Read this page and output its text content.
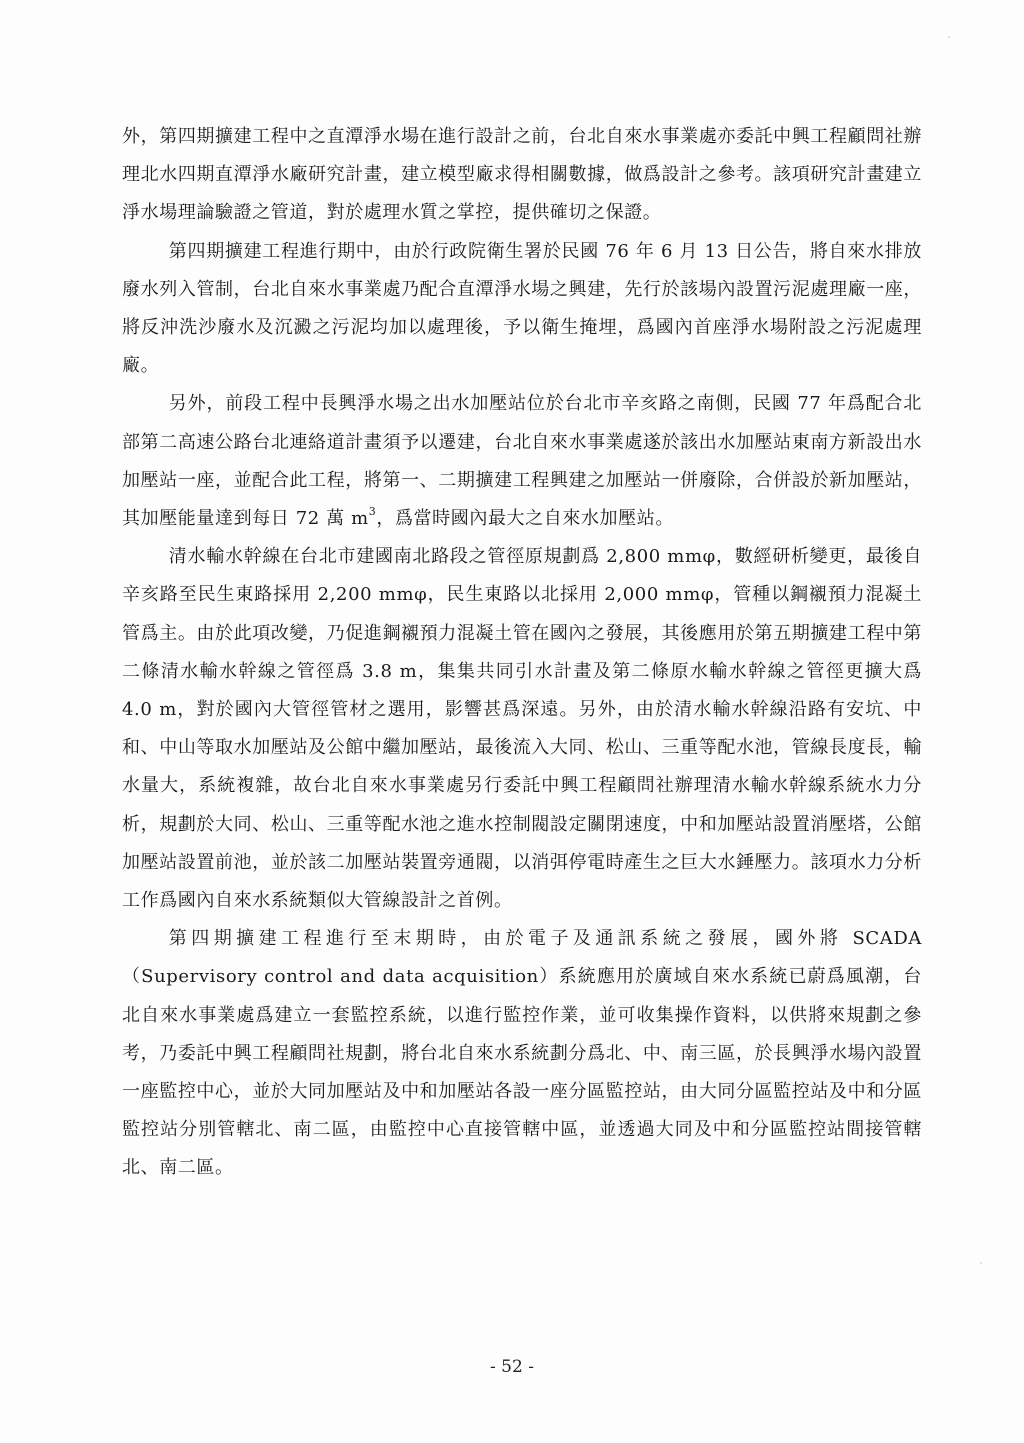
外，第四期擴建工程中之直潭淨水場在進行設計之前，台北自來水事業處亦委託中興工程顧問社辦理北水四期直潭淨水廠研究計畫，建立模型廠求得相關數據，做爲設計之參考。該項研究計畫建立淨水場理論驗證之管道，對於處理水質之掌控，提供確切之保證。

第四期擴建工程進行期中，由於行政院衛生署於民國 76 年 6 月 13 日公告，將自來水排放廢水列入管制，台北自來水事業處乃配合直潭淨水場之興建，先行於該場內設置污泥處理廠一座，將反沖洗沙廢水及沉澱之污泥均加以處理後，予以衛生掩埋，爲國內首座淨水場附設之污泥處理廠。

另外，前段工程中長興淨水場之出水加壓站位於台北市辛亥路之南側，民國 77 年爲配合北部第二高速公路台北連絡道計畫須予以遷建，台北自來水事業處遂於該出水加壓站東南方新設出水加壓站一座，並配合此工程，將第一、二期擴建工程興建之加壓站一併廢除，合併設於新加壓站，其加壓能量達到每日 72 萬 $m^3$，爲當時國內最大之自來水加壓站。

清水輸水幹線在台北市建國南北路段之管徑原規劃爲 2,800 mmφ，數經研析變更，最後自辛亥路至民生東路採用 2,200 mmφ，民生東路以北採用 2,000 mmφ，管種以鋼襯預力混凝土管爲主。由於此項改變，乃促進鋼襯預力混凝土管在國內之發展，其後應用於第五期擴建工程中第二條清水輸水幹線之管徑爲 3.8 m，集集共同引水計畫及第二條原水輸水幹線之管徑更擴大爲 4.0 m，對於國內大管徑管材之選用，影響甚爲深遠。另外，由於清水輸水幹線沿路有安坑、中和、中山等取水加壓站及公館中繼加壓站，最後流入大同、松山、三重等配水池，管線長度長，輸水量大，系統複雜，故台北自來水事業處另行委託中興工程顧問社辦理清水輸水幹線系統水力分析，規劃於大同、松山、三重等配水池之進水控制閥設定關閉速度，中和加壓站設置消壓塔，公館加壓站設置前池，並於該二加壓站裝置旁通閥，以消弭停電時產生之巨大水錘壓力。該項水力分析工作爲國內自來水系統類似大管線設計之首例。

第四期擴建工程進行至末期時，由於電子及通訊系統之發展，國外將 SCADA（Supervisory control and data acquisition）系統應用於廣域自來水系統已蔚爲風潮，台北自來水事業處爲建立一套監控系統，以進行監控作業，並可收集操作資料，以供將來規劃之參考，乃委託中興工程顧問社規劃，將台北自來水系統劃分爲北、中、南三區，於長興淨水場內設置一座監控中心，並於大同加壓站及中和加壓站各設一座分區監控站，由大同分區監控站及中和分區監控站分別管轄北、南二區，由監控中心直接管轄中區，並透過大同及中和分區監控站間接管轄北、南二區。

- 52 -
